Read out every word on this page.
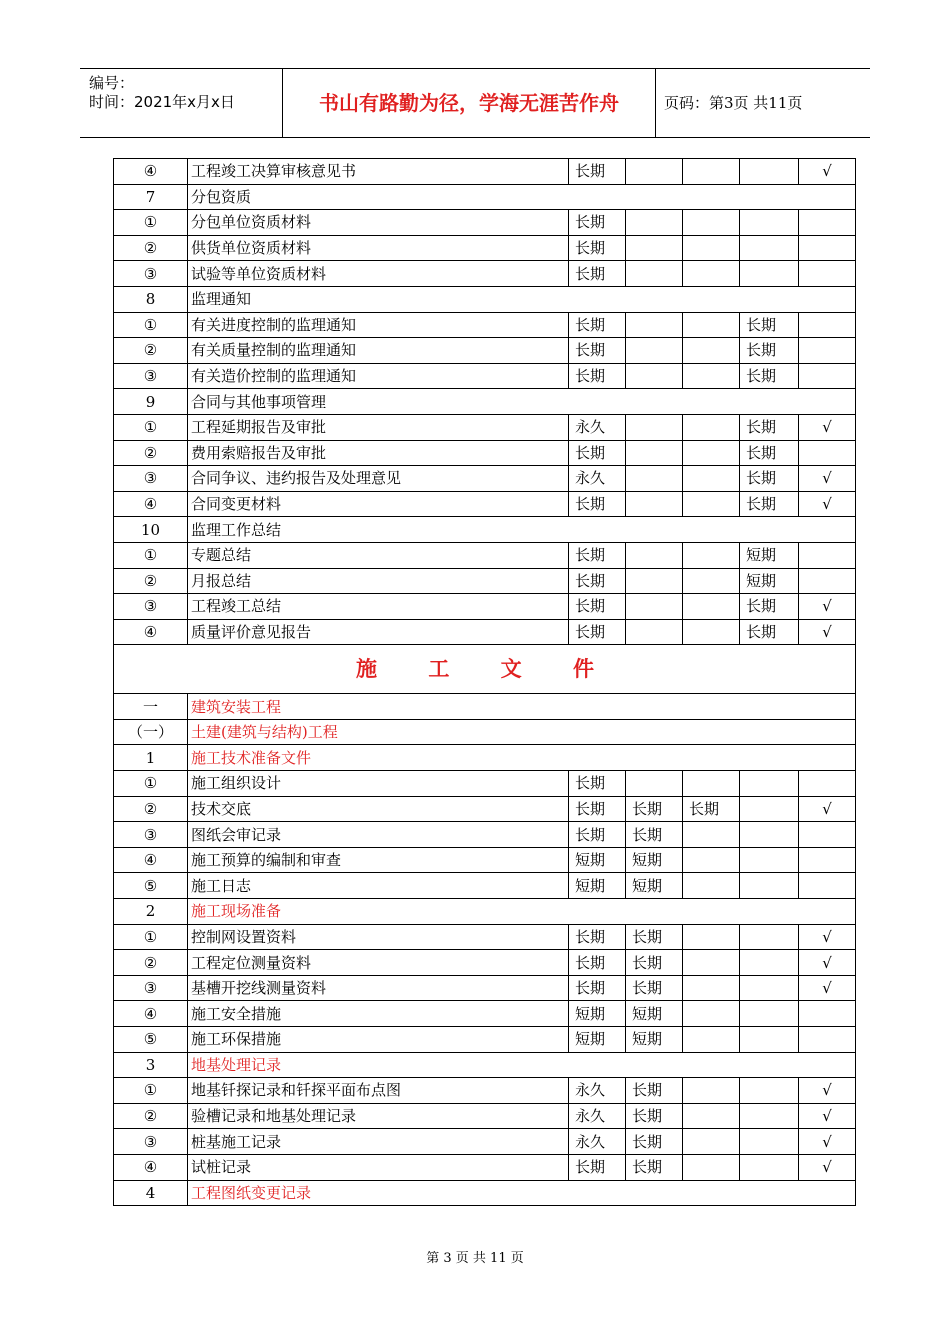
编号：
时间：2021年x月x日	书山有路勤为径，学海无涯苦作舟	页码：第3页 共11页
④	工程竣工决算审核意见书	长期				√
7	分包资质					
①	分包单位资质材料	长期				
②	供货单位资质材料	长期				
③	试验等单位资质材料	长期				
8	监理通知					
①	有关进度控制的监理通知	长期			长期	
②	有关质量控制的监理通知	长期			长期	
③	有关造价控制的监理通知	长期			长期	
9	合同与其他事项管理					
①	工程延期报告及审批	永久			长期	√
②	费用索赔报告及审批	长期			长期	
③	合同争议、违约报告及处理意见	永久			长期	√
④	合同变更材料	长期			长期	√
10	监理工作总结					
①	专题总结	长期			短期	
②	月报总结	长期			短期	
③	工程竣工总结	长期			长期	√
④	质量评价意见报告	长期			长期	√
施 工 文 件						
一	建筑安装工程					
（一）	土建(建筑与结构)工程					
1	施工技术准备文件					
①	施工组织设计	长期				
②	技术交底	长期	长期	长期		√
③	图纸会审记录	长期	长期			
④	施工预算的编制和审查	短期	短期			
⑤	施工日志	短期	短期			
2	施工现场准备					
①	控制网设置资料	长期	长期			√
②	工程定位测量资料	长期	长期			√
③	基槽开挖线测量资料	长期	长期			√
④	施工安全措施	短期	短期			
⑤	施工环保措施	短期	短期			
3	地基处理记录					
①	地基钎探记录和钎探平面布点图	永久	长期			√
②	验槽记录和地基处理记录	永久	长期			√
③	桩基施工记录	永久	长期			√
④	试桩记录	长期	长期			√
4	工程图纸变更记录					
第 3 页 共 11 页
